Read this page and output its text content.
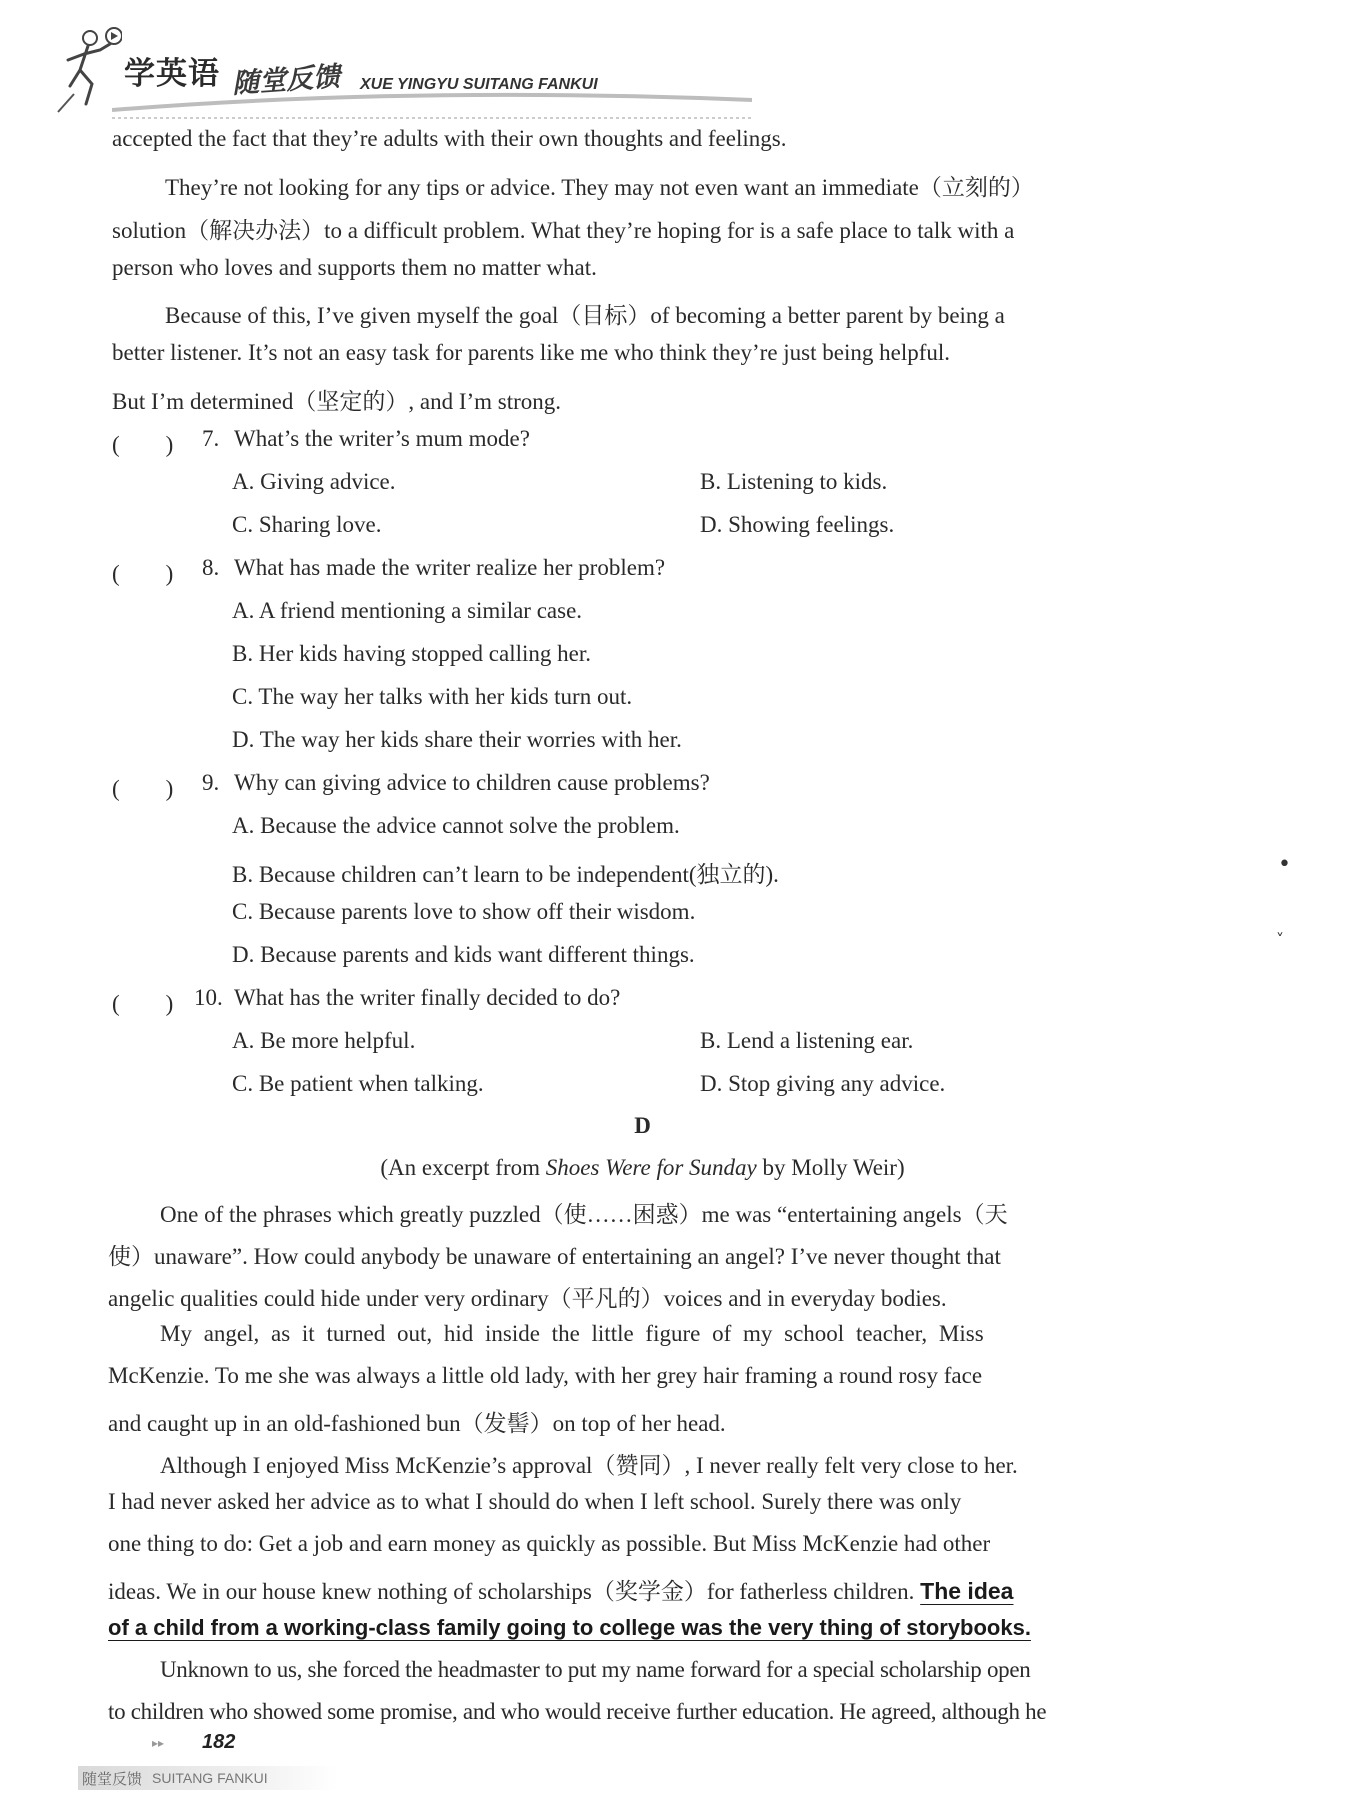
学英语 随堂反馈 XUE YINGYU SUITANG FANKUI
accepted the fact that they’re adults with their own thoughts and feelings.
They’re not looking for any tips or advice. They may not even want an immediate（立刻的）
solution（解决办法）to a difficult problem. What they’re hoping for is a safe place to talk with a
person who loves and supports them no matter what.
Because of this, I’ve given myself the goal（目标）of becoming a better parent by being a
better listener. It’s not an easy task for parents like me who think they’re just being helpful.
But I’m determined（坚定的）, and I’m strong.
(　　) 7. What’s the writer’s mum mode?
A. Giving advice.	B. Listening to kids.
C. Sharing love.	D. Showing feelings.
(　　) 8. What has made the writer realize her problem?
A. A friend mentioning a similar case.
B. Her kids having stopped calling her.
C. The way her talks with her kids turn out.
D. The way her kids share their worries with her.
(　　) 9. Why can giving advice to children cause problems?
A. Because the advice cannot solve the problem.
B. Because children can’t learn to be independent(独立的).
C. Because parents love to show off their wisdom.
D. Because parents and kids want different things.
(　　) 10. What has the writer finally decided to do?
A. Be more helpful.	B. Lend a listening ear.
C. Be patient when talking.	D. Stop giving any advice.
D
(An excerpt from Shoes Were for Sunday by Molly Weir)
One of the phrases which greatly puzzled（使……困惑）me was “entertaining angels（天
使）unaware”. How could anybody be unaware of entertaining an angel? I’ve never thought that
angelic qualities could hide under very ordinary（平凡的）voices and in everyday bodies.
My angel, as it turned out, hid inside the little figure of my school teacher, Miss
McKenzie. To me she was always a little old lady, with her grey hair framing a round rosy face
and caught up in an old-fashioned bun（发髻）on top of her head.
Although I enjoyed Miss McKenzie’s approval（赞同）, I never really felt very close to her.
I had never asked her advice as to what I should do when I left school. Surely there was only
one thing to do: Get a job and earn money as quickly as possible. But Miss McKenzie had other
ideas. We in our house knew nothing of scholarships（奖学金）for fatherless children. The idea
of a child from a working-class family going to college was the very thing of storybooks.
Unknown to us, she forced the headmaster to put my name forward for a special scholarship open
to children who showed some promise, and who would receive further education. He agreed, although he
•
˅
▸▸ 182
随堂反馈 SUITANG FANKUI
